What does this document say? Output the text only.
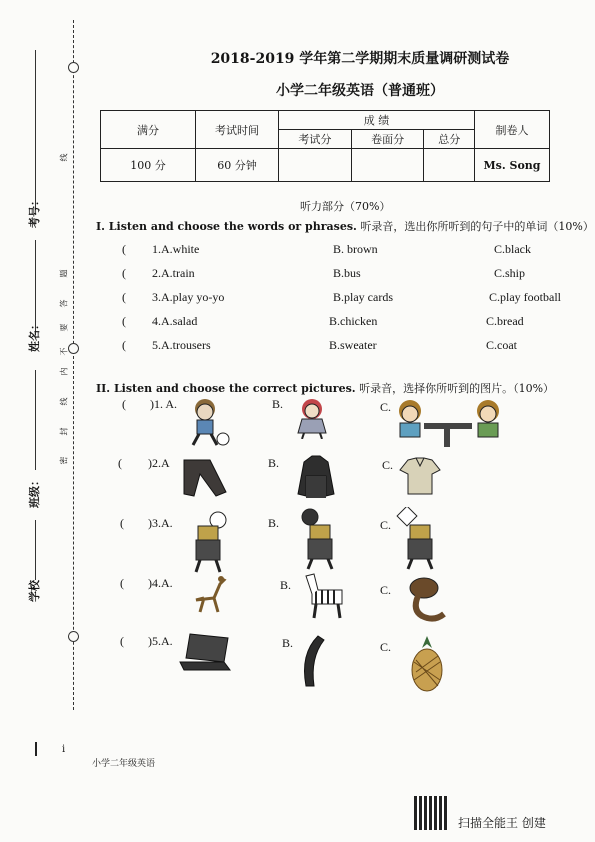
考号：
姓名：
班级：
学校
线
题
答
要
不
内
线
封
密
2018-2019 学年第二学期期末质量调研测试卷
小学二年级英语（普通班）
满分	考试时间	成 绩			制卷人
		考试分	卷面分	总分	
100 分	60 分钟				Ms. Song
听力部分（70%）
I. Listen and choose the words or phrases. 听录音，选出你所听到的句子中的单词（10%）
( 1.A.white	B. brown	C.black
( 2.A.train	B.bus	C.ship
( 3.A.play yo-yo	B.play cards	C.play football
( 4.A.salad	B.chicken	C.bread
( 5.A.trousers	B.sweater	C.coat
II. Listen and choose the correct pictures. 听录音，选择你所听到的图片。（10%）
( )1. A.	B.	C.
( )2.A	B.	C.
( )3.A.	B.	C.
( )4.A.	B.	C.
( )5.A.	B.	C.
i
小学二年级英语
扫描全能王 创建
